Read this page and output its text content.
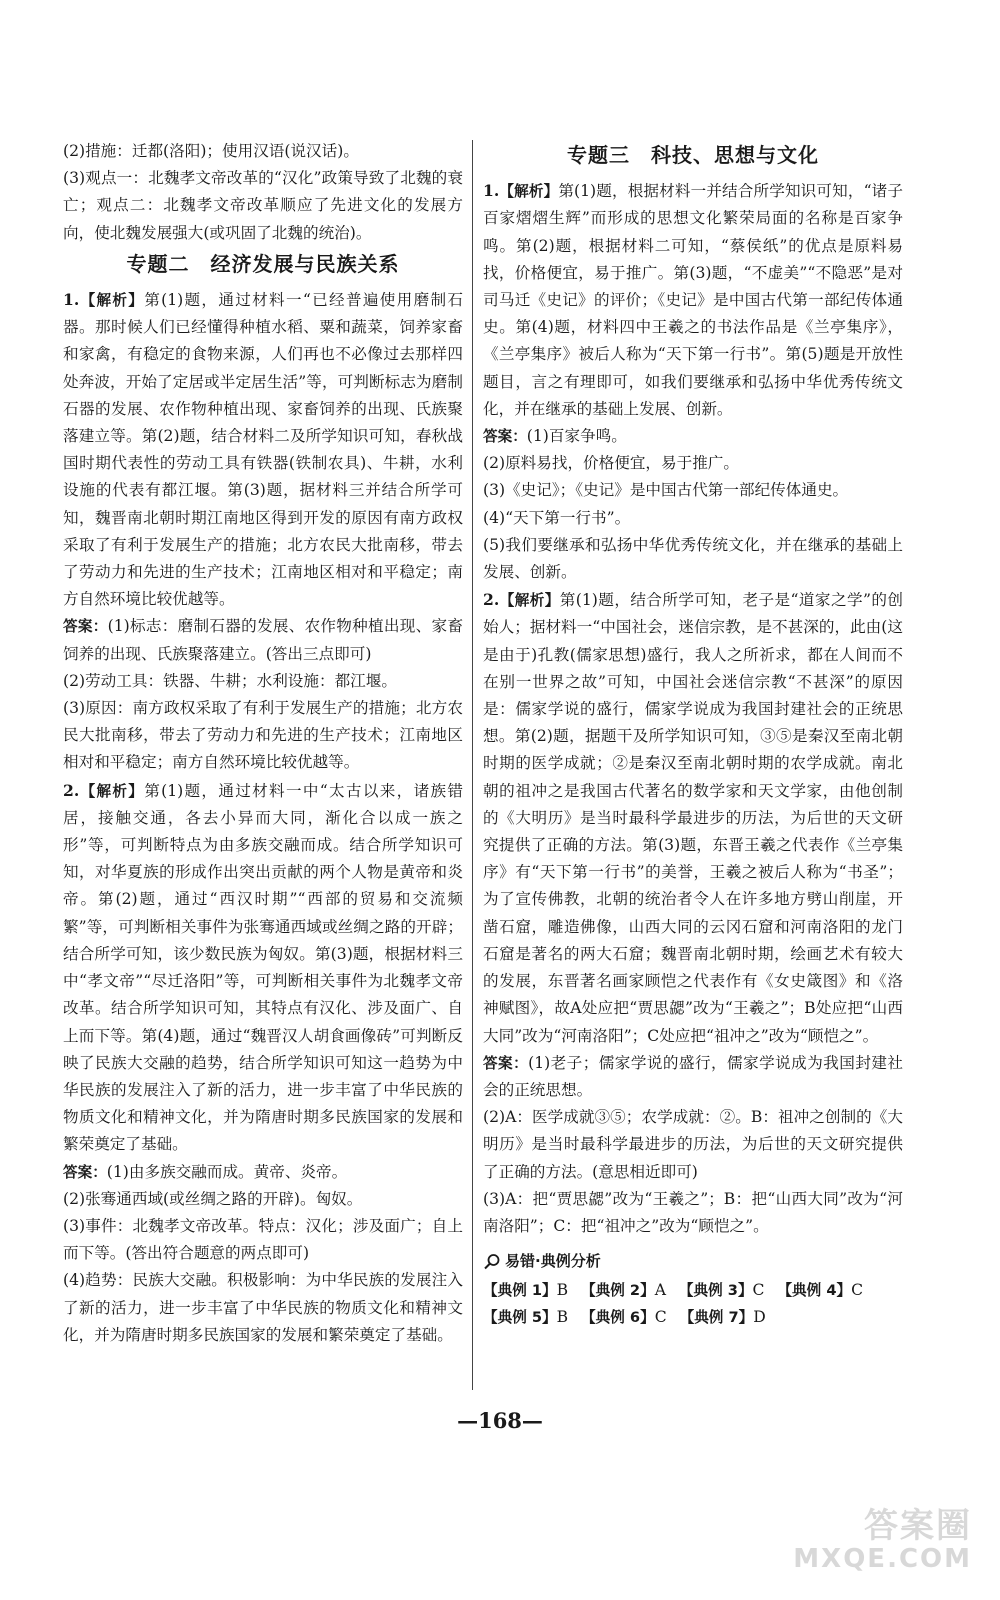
(2)措施：迁都(洛阳)；使用汉语(说汉话)。

(3)观点一：北魏孝文帝改革的“汉化”政策导致了北魏的衰亡；观点二：北魏孝文帝改革顺应了先进文化的发展方向，使北魏发展强大(或巩固了北魏的统治)。

专题二　经济发展与民族关系

1.【解析】第(1)题，通过材料一“已经普遍使用磨制石器。那时候人们已经懂得种植水稻、粟和蔬菜，饲养家畜和家禽，有稳定的食物来源，人们再也不必像过去那样四处奔波，开始了定居或半定居生活”等，可判断标志为磨制石器的发展、农作物种植出现、家畜饲养的出现、氏族聚落建立等。第(2)题，结合材料二及所学知识可知，春秋战国时期代表性的劳动工具有铁器(铁制农具)、牛耕，水利设施的代表有都江堰。第(3)题，据材料三并结合所学可知，魏晋南北朝时期江南地区得到开发的原因有南方政权采取了有利于发展生产的措施；北方农民大批南移，带去了劳动力和先进的生产技术；江南地区相对和平稳定；南方自然环境比较优越等。

答案：(1)标志：磨制石器的发展、农作物种植出现、家畜饲养的出现、氏族聚落建立。(答出三点即可)

(2)劳动工具：铁器、牛耕；水利设施：都江堰。

(3)原因：南方政权采取了有利于发展生产的措施；北方农民大批南移，带去了劳动力和先进的生产技术；江南地区相对和平稳定；南方自然环境比较优越等。

2.【解析】第(1)题，通过材料一中“太古以来，诸族错居，接触交通，各去小异而大同，渐化合以成一族之形”等，可判断特点为由多族交融而成。结合所学知识可知，对华夏族的形成作出突出贡献的两个人物是黄帝和炎帝。第(2)题，通过“西汉时期”“西部的贸易和交流频繁”等，可判断相关事件为张骞通西域或丝绸之路的开辟；结合所学可知，该少数民族为匈奴。第(3)题，根据材料三中“孝文帝”“尽迁洛阳”等，可判断相关事件为北魏孝文帝改革。结合所学知识可知，其特点有汉化、涉及面广、自上而下等。第(4)题，通过“魏晋汉人胡食画像砖”可判断反映了民族大交融的趋势，结合所学知识可知这一趋势为中华民族的发展注入了新的活力，进一步丰富了中华民族的物质文化和精神文化，并为隋唐时期多民族国家的发展和繁荣奠定了基础。

答案：(1)由多族交融而成。黄帝、炎帝。

(2)张骞通西域(或丝绸之路的开辟)。匈奴。

(3)事件：北魏孝文帝改革。特点：汉化；涉及面广；自上而下等。(答出符合题意的两点即可)

(4)趋势：民族大交融。积极影响：为中华民族的发展注入了新的活力，进一步丰富了中华民族的物质文化和精神文化，并为隋唐时期多民族国家的发展和繁荣奠定了基础。

专题三　科技、思想与文化

1.【解析】第(1)题，根据材料一并结合所学知识可知，“诸子百家熠熠生辉”而形成的思想文化繁荣局面的名称是百家争鸣。第(2)题，根据材料二可知，“蔡侯纸”的优点是原料易找，价格便宜，易于推广。第(3)题，“不虚美”“不隐恶”是对司马迁《史记》的评价；《史记》是中国古代第一部纪传体通史。第(4)题，材料四中王羲之的书法作品是《兰亭集序》，《兰亭集序》被后人称为“天下第一行书”。第(5)题是开放性题目，言之有理即可，如我们要继承和弘扬中华优秀传统文化，并在继承的基础上发展、创新。

答案：(1)百家争鸣。

(2)原料易找，价格便宜，易于推广。

(3)《史记》；《史记》是中国古代第一部纪传体通史。

(4)“天下第一行书”。

(5)我们要继承和弘扬中华优秀传统文化，并在继承的基础上发展、创新。

2.【解析】第(1)题，结合所学可知，老子是“道家之学”的创始人；据材料一“中国社会，迷信宗教，是不甚深的，此由(这是由于)孔教(儒家思想)盛行，我人之所祈求，都在人间而不在别一世界之故”可知，中国社会迷信宗教“不甚深”的原因是：儒家学说的盛行，儒家学说成为我国封建社会的正统思想。第(2)题，据题干及所学知识可知，③⑤是秦汉至南北朝时期的医学成就；②是秦汉至南北朝时期的农学成就。南北朝的祖冲之是我国古代著名的数学家和天文学家，由他创制的《大明历》是当时最科学最进步的历法，为后世的天文研究提供了正确的方法。第(3)题，东晋王羲之代表作《兰亭集序》有“天下第一行书”的美誉，王羲之被后人称为“书圣”；为了宣传佛教，北朝的统治者令人在许多地方劈山削崖，开凿石窟，雕造佛像，山西大同的云冈石窟和河南洛阳的龙门石窟是著名的两大石窟；魏晋南北朝时期，绘画艺术有较大的发展，东晋著名画家顾恺之代表作有《女史箴图》和《洛神赋图》，故A处应把“贾思勰”改为“王羲之”；B处应把“山西大同”改为“河南洛阳”；C处应把“祖冲之”改为“顾恺之”。

答案：(1)老子；儒家学说的盛行，儒家学说成为我国封建社会的正统思想。

(2)A：医学成就③⑤；农学成就：②。B：祖冲之创制的《大明历》是当时最科学最进步的历法，为后世的天文研究提供了正确的方法。(意思相近即可)

(3)A：把“贾思勰”改为“王羲之”；B：把“山西大同”改为“河南洛阳”；C：把“祖冲之”改为“顾恺之”。

易错·典例分析

【典例 1】B 【典例 2】A 【典例 3】C 【典例 4】C

【典例 5】B 【典例 6】C 【典例 7】D

—168—
答案圈
MXQE.COM
